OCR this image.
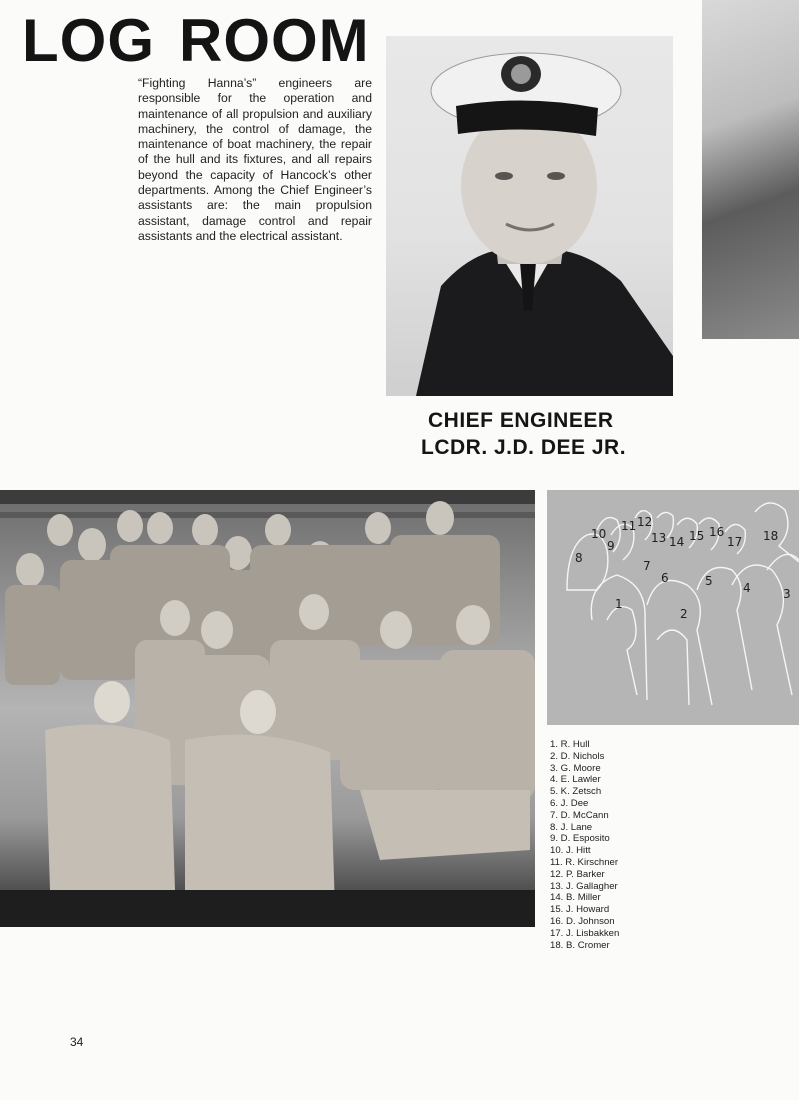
LOG ROOM

“Fighting Hanna’s” engineers are responsible for the operation and maintenance of all propulsion and auxiliary machinery, the control of damage, the maintenance of boat machinery, the repair of the hull and its fixtures, and all repairs beyond the capacity of Hancock’s other departments. Among the Chief Engineer’s assistants are: the main propulsion assistant, damage control and repair assistants and the electrical assistant.

CHIEF ENGINEER
LCDR. J.D. DEE JR.
1
2
3
4
5
6
7
8
9
10
11 12
13 14 15 16
17 18
1. R. Hull
2. D. Nichols
3. G. Moore
4. E. Lawler
5. K. Zetsch
6. J. Dee
7. D. McCann
8. J. Lane
9. D. Esposito
10. J. Hitt
11. R. Kirschner
12. P. Barker
13. J. Gallagher
14. B. Miller
15. J. Howard
16. D. Johnson
17. J. Lisbakken
18. B. Cromer
34
